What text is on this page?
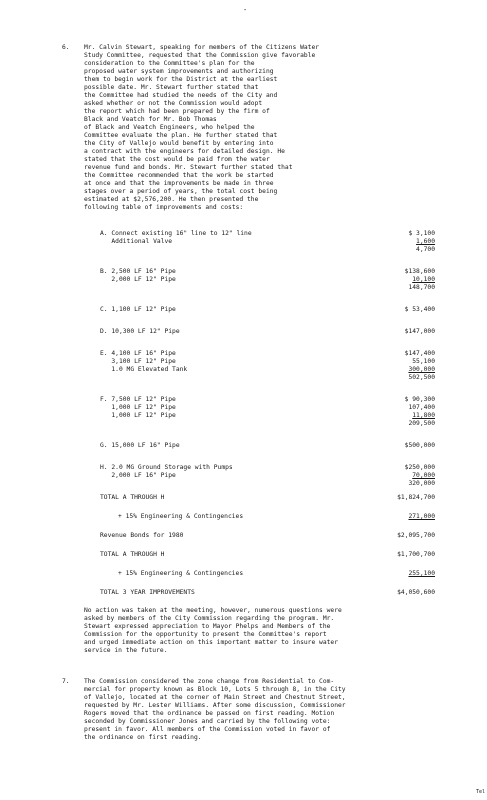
-
6. Mr. Calvin Stewart, speaking for members of the Citizens Water
Study Committee, requested that the Commission give favorable
consideration to the Committee's plan for the
proposed water system improvements and authorizing
them to begin work for the District at the earliest
possible date. Mr. Stewart further stated that
the Committee had studied the needs of the City and
asked whether or not the Commission would adopt
the report which had been prepared by the firm of
Black and Veatch for Mr. Bob Thomas
of Black and Veatch Engineers, who helped the
Committee evaluate the plan. He further stated that
the City of Vallejo would benefit by entering into
a contract with the engineers for detailed design. He
stated that the cost would be paid from the water
revenue fund and bonds. Mr. Stewart further stated that
the Committee recommended that the work be started
at once and that the improvements be made in three
stages over a period of years, the total cost being
estimated at $2,576,200. He then presented the
following table of improvements and costs:
A. Connect existing 16" line to 12" line	$ 3,100
Additional Valve	1,600
4,700
B. 2,500 LF 16" Pipe	$138,600
2,000 LF 12" Pipe	10,100
148,700
C. 1,100 LF 12" Pipe	$ 53,400
D. 10,300 LF 12" Pipe	$147,000
E. 4,100 LF 16" Pipe	$147,400
3,100 LF 12" Pipe	55,100
1.0 MG Elevated Tank	300,000
502,500
F. 7,500 LF 12" Pipe	$ 90,300
1,000 LF 12" Pipe	107,400
1,000 LF 12" Pipe	11,800
209,500
G. 15,000 LF 16" Pipe	$500,000
H. 2.0 MG Ground Storage with Pumps	$250,000
2,000 LF 16" Pipe	70,000
320,000
TOTAL A THROUGH H	$1,824,700
+ 15% Engineering & Contingencies	271,000
Revenue Bonds for 1980	$2,095,700
TOTAL A THROUGH H	$1,700,700
+ 15% Engineering & Contingencies	255,100
TOTAL 3 YEAR IMPROVEMENTS	$4,050,600
No action was taken at the meeting, however, numerous questions were
asked by members of the City Commission regarding the program. Mr.
Stewart expressed appreciation to Mayor Phelps and Members of the
Commission for the opportunity to present the Committee's report
and urged immediate action on this important matter to insure water
service in the future.
7. The Commission considered the zone change from Residential to Com-
mercial for property known as Block 10, Lots 5 through 8, in the City
of Vallejo, located at the corner of Main Street and Chestnut Street,
requested by Mr. Lester Williams. After some discussion, Commissioner
Rogers moved that the ordinance be passed on first reading. Motion
seconded by Commissioner Jones and carried by the following vote:
present in favor. All members of the Commission voted in favor of
the ordinance on first reading.
Tel
